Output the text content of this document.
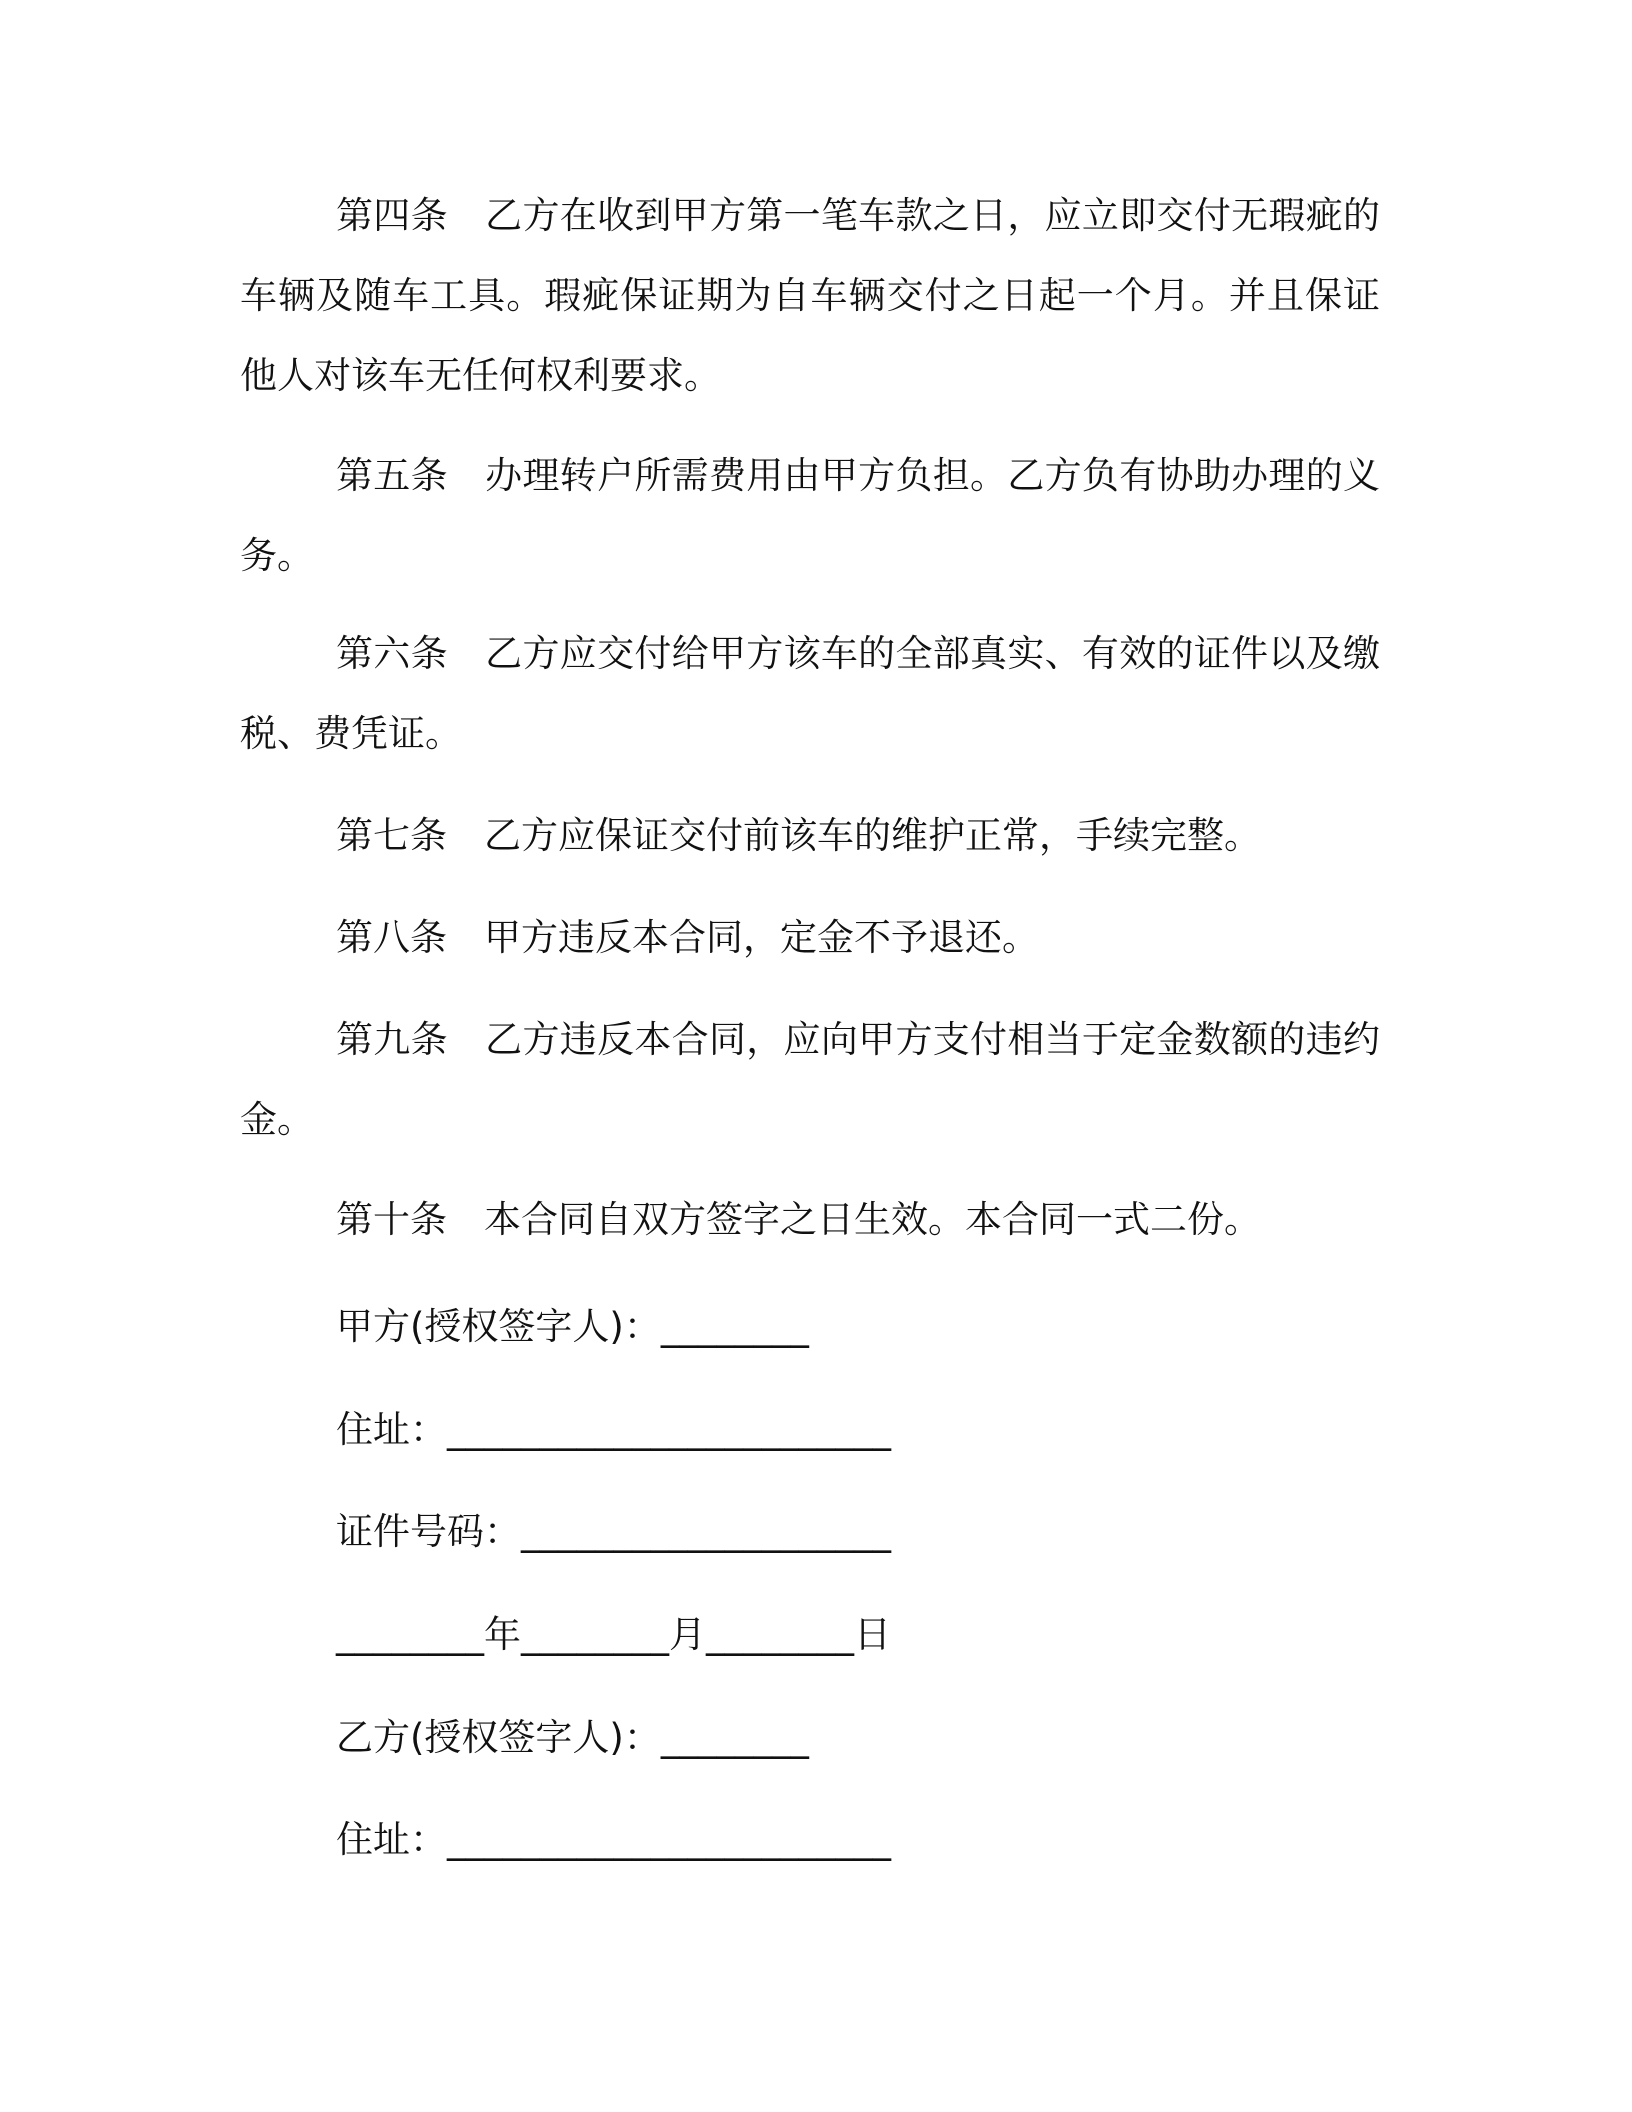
第四条　乙方在收到甲方第一笔车款之日，应立即交付无瑕疵的车辆及随车工具。瑕疵保证期为自车辆交付之日起一个月。并且保证他人对该车无任何权利要求。

第五条　办理转户所需费用由甲方负担。乙方负有协助办理的义务。

第六条　乙方应交付给甲方该车的全部真实、有效的证件以及缴税、费凭证。

第七条　乙方应保证交付前该车的维护正常，手续完整。

第八条　甲方违反本合同，定金不予退还。

第九条　乙方违反本合同，应向甲方支付相当于定金数额的违约金。

第十条　本合同自双方签字之日生效。本合同一式二份。

甲方(授权签字人)：________

住址：________________________

证件号码：____________________

________年________月________日

乙方(授权签字人)：________

住址：________________________
